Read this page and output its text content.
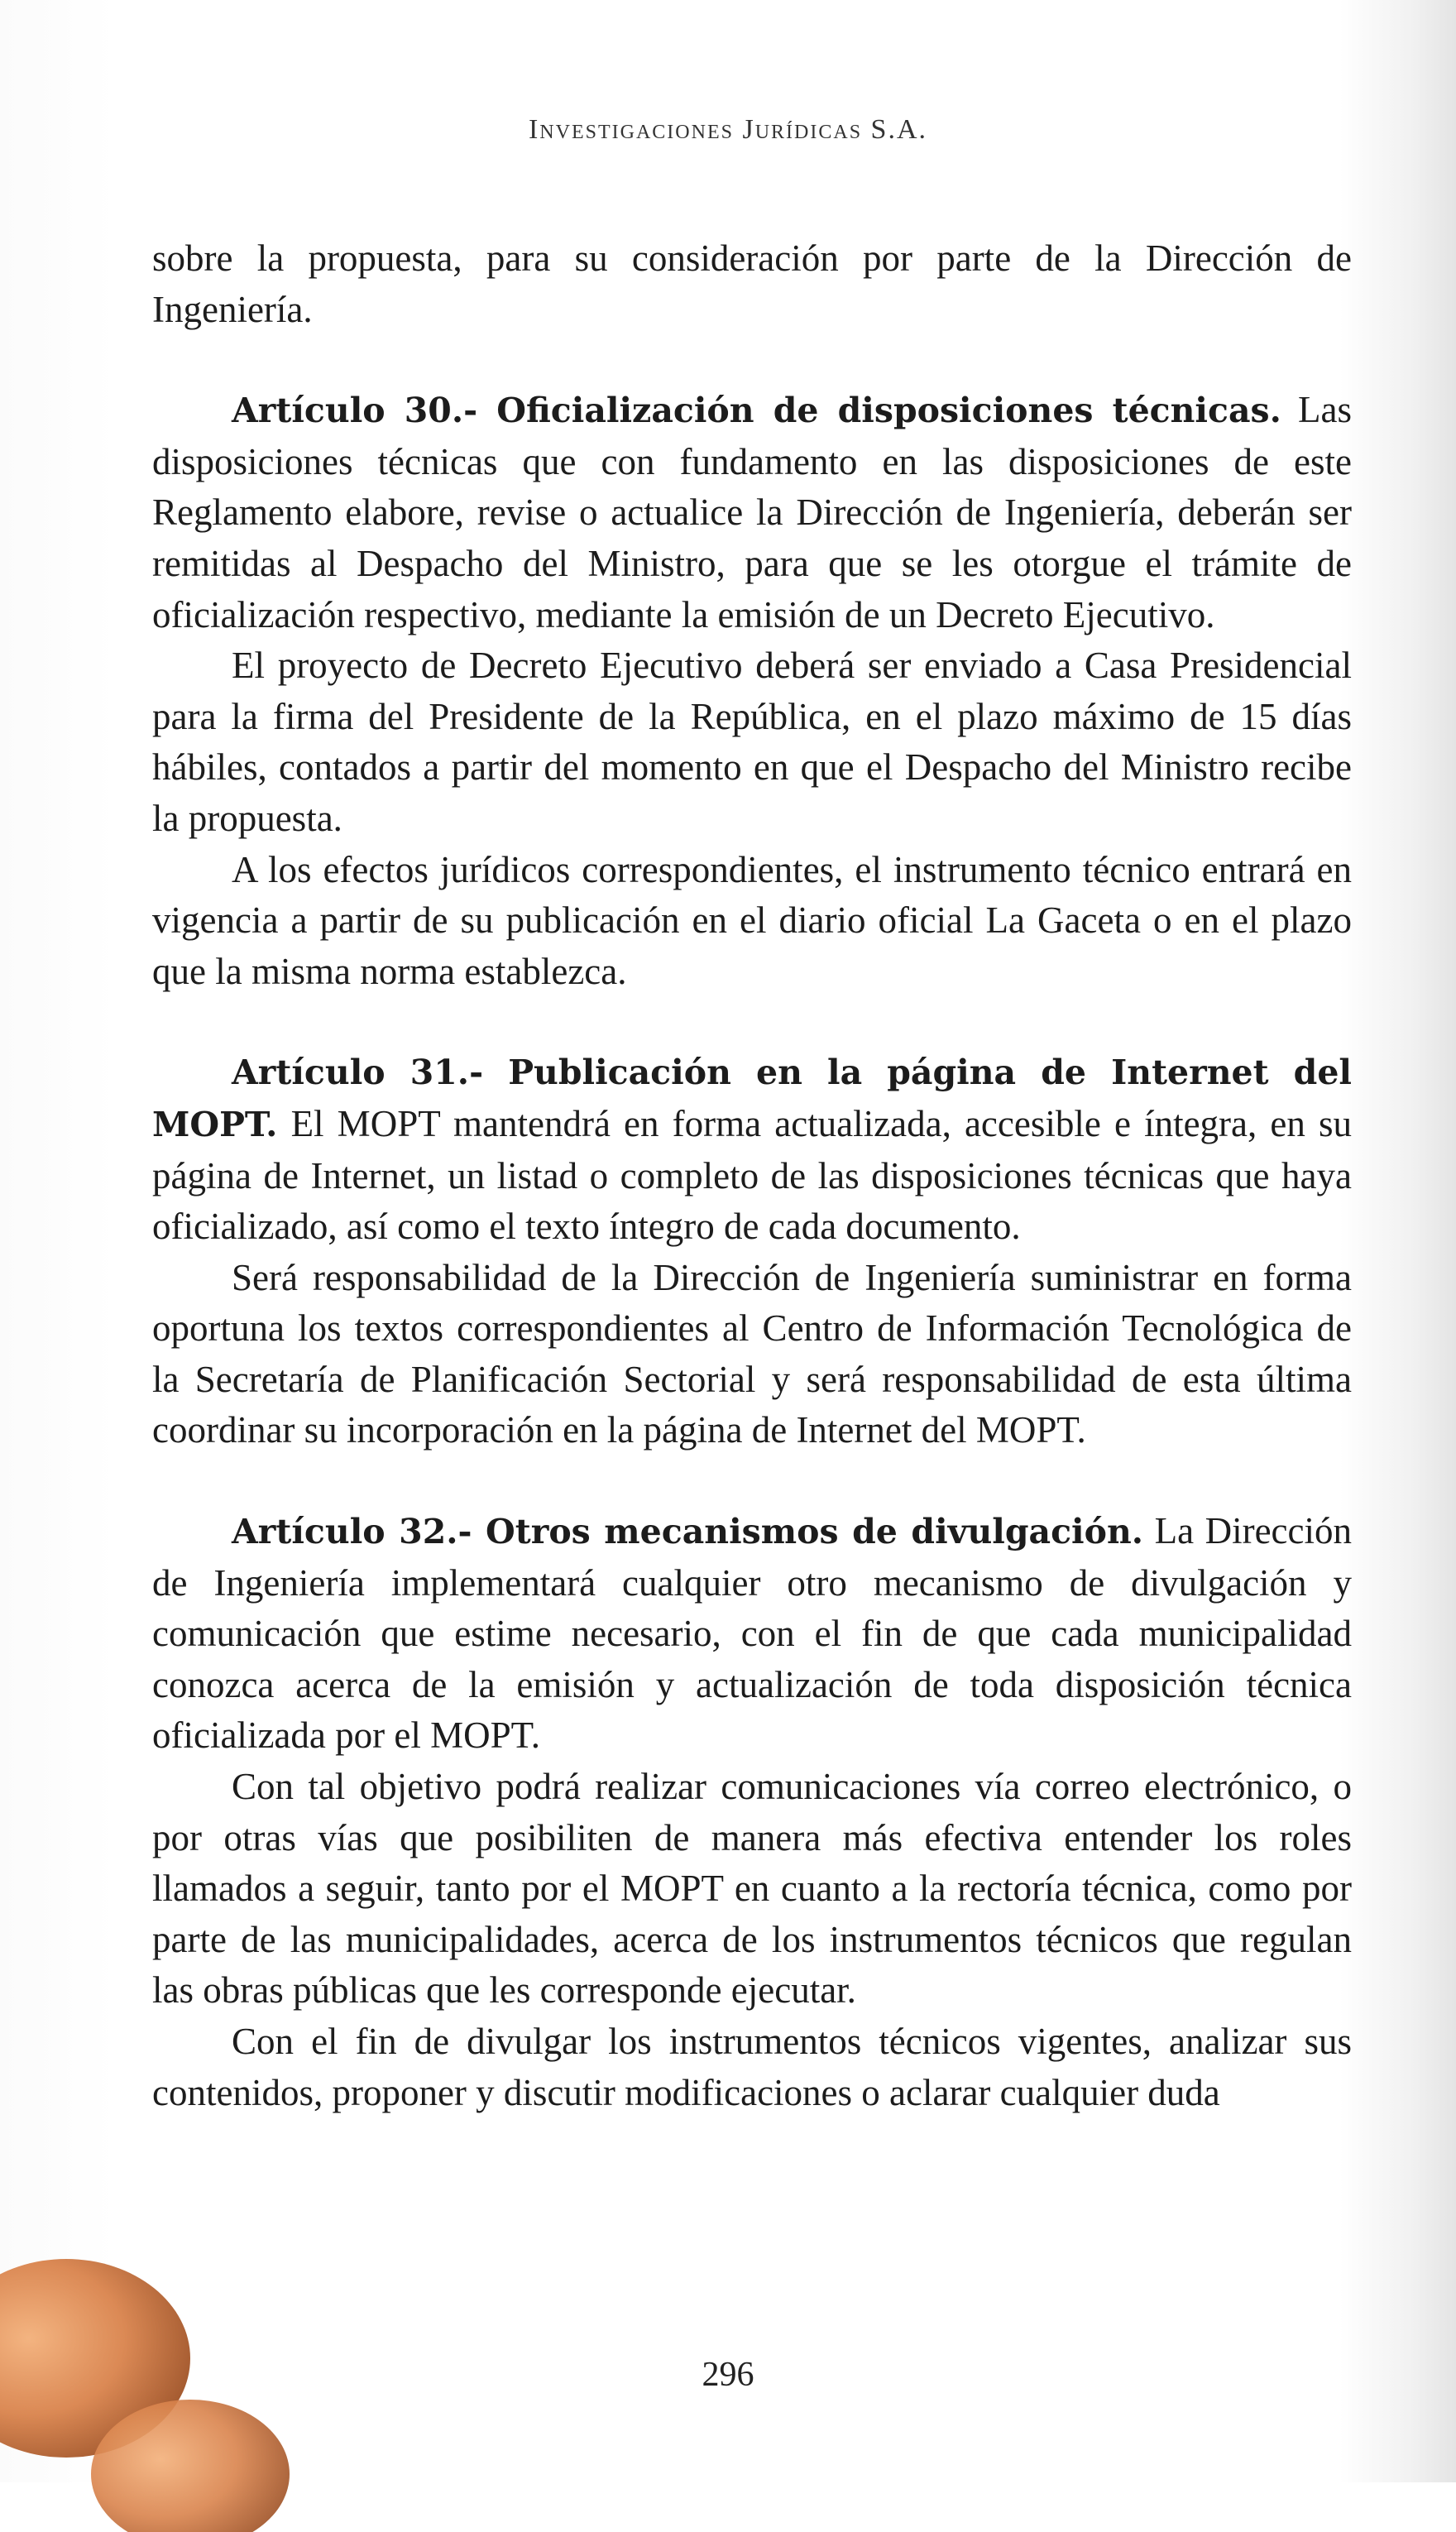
Investigaciones Jurídicas S.A.

sobre la propuesta, para su consideración por parte de la Dirección de Ingeniería.

Artículo 30.- Oficialización de disposiciones técnicas. Las disposiciones técnicas que con fundamento en las disposiciones de este Reglamento elabore, revise o actualice la Dirección de Ingeniería, deberán ser remitidas al Despacho del Ministro, para que se les otorgue el trámite de oficialización respectivo, mediante la emisión de un Decreto Ejecutivo.

El proyecto de Decreto Ejecutivo deberá ser enviado a Casa Presidencial para la firma del Presidente de la República, en el plazo máximo de 15 días hábiles, contados a partir del momento en que el Despacho del Ministro recibe la propuesta.

A los efectos jurídicos correspondientes, el instrumento técnico entrará en vigencia a partir de su publicación en el diario oficial La Gaceta o en el plazo que la misma norma establezca.

Artículo 31.- Publicación en la página de Internet del MOPT. El MOPT mantendrá en forma actualizada, accesible e íntegra, en su página de Internet, un listad o completo de las disposiciones técnicas que haya oficializado, así como el texto íntegro de cada documento.

Será responsabilidad de la Dirección de Ingeniería suministrar en forma oportuna los textos correspondientes al Centro de Información Tecnológica de la Secretaría de Planificación Sectorial y será responsabilidad de esta última coordinar su incorporación en la página de Internet del MOPT.

Artículo 32.- Otros mecanismos de divulgación. La Dirección de Ingeniería implementará cualquier otro mecanismo de divulgación y comunicación que estime necesario, con el fin de que cada municipalidad conozca acerca de la emisión y actualización de toda disposición técnica oficializada por el MOPT.

Con tal objetivo podrá realizar comunicaciones vía correo electrónico, o por otras vías que posibiliten de manera más efectiva entender los roles llamados a seguir, tanto por el MOPT en cuanto a la rectoría técnica, como por parte de las municipalidades, acerca de los instrumentos técnicos que regulan las obras públicas que les corresponde ejecutar.

Con el fin de divulgar los instrumentos técnicos vigentes, analizar sus contenidos, proponer y discutir modificaciones o aclarar cualquier duda

296
